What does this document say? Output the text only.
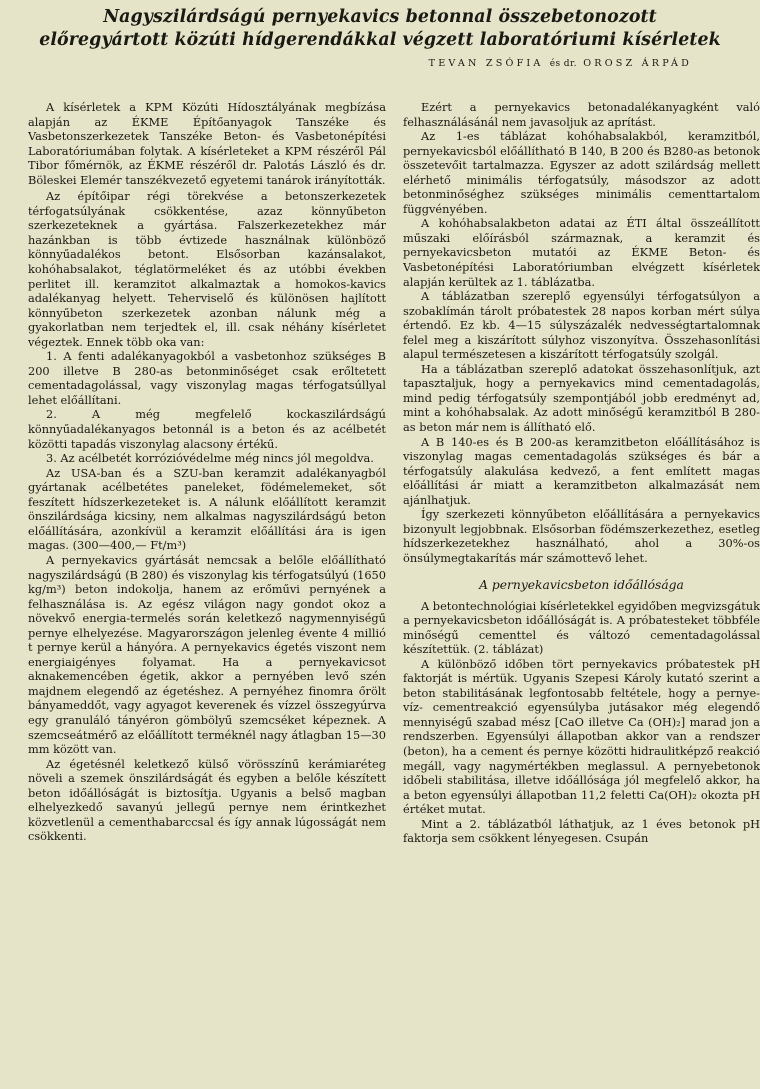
Nagyszilárdságú pernyekavics betonnal összebetonozott

előregyártott közúti hídgerendákkal végzett laboratóriumi kísérletek

TEVAN ZSÓFIA és dr. OROSZ ÁRPÁD

A kísérletek a KPM Közúti Hídosztályának megbízása alapján az ÉKME Építőanyagok Tanszéke és Vasbetonszerkezetek Tanszéke Beton- és Vasbetonépítési Laboratóriumában folytak. A kísérleteket a KPM részéről Pál Tibor főmérnök, az ÉKME részéről dr. Palotás László és dr. Böleskei Elemér tanszékvezető egyetemi tanárok irányították.

Az építőipar régi törekvése a betonszerkezetek térfogatsúlyának csökkentése, azaz könnyűbeton szerkezeteknek a gyártása. Falszerkezetekhez már hazánkban is több évtizede használnak különböző könnyűadalékos betont. Elsősorban kazánsalakot, kohóhabsalakot, téglatörmeléket és az utóbbi években perlitet ill. keramzitot alkalmaztak a homokos-kavics adalékanyag helyett. Teherviselő és különösen hajlított könnyűbeton szerkezetek azonban nálunk még a gyakorlatban nem terjedtek el, ill. csak néhány kísérletet végeztek. Ennek több oka van:

1. A fenti adalékanyagokból a vasbetonhoz szükséges B 200 illetve B 280-as betonminőséget csak erőltetett cementadagolással, vagy viszonylag magas térfogatsúllyal lehet előállítani.

2. A még megfelelő kockaszilárdságú könnyűadalékanyagos betonnál is a beton és az acélbetét közötti tapadás viszonylag alacsony értékű.

3. Az acélbetét korrózióvédelme még nincs jól megoldva.

Az USA-ban és a SZU-ban keramzit adalékanyagból gyártanak acélbetétes paneleket, födémelemeket, sőt feszített hídszerkezeteket is. A nálunk előállított keramzit önszilárdsága kicsiny, nem alkalmas nagyszilárdságú beton előállítására, azonkívül a keramzit előállítási ára is igen magas. (300—400,— Ft/m³)

A pernyekavics gyártását nemcsak a belőle előállítható nagyszilárdságú (B 280) és viszonylag kis térfogatsúlyú (1650 kg/m³) beton indokolja, hanem az erőművi pernyének a felhasználása is. Az egész világon nagy gondot okoz a növekvő energia-termelés során keletkező nagymennyiségű pernye elhelyezése. Magyarországon jelenleg évente 4 millió t pernye kerül a hányóra. A pernyekavics égetés viszont nem energiaigényes folyamat. Ha a pernyekavicsot aknakemencében égetik, akkor a pernyében levő szén majdnem elegendő az égetéshez. A pernyéhez finomra őrölt bányameddőt, vagy agyagot keverenek és vízzel összegyúrva egy granuláló tányéron gömbölyű szemcséket képeznek. A szemcseátmérő az előállított terméknél nagy átlagban 15—30 mm között van.

Az égetésnél keletkező külső vörösszínű kerámiaréteg növeli a szemek önszilárdságát és egyben a belőle készített beton időállóságát is biztosítja. Ugyanis a belső magban elhelyezkedő savanyú jellegű pernye nem érintkezhet közvetlenül a cementhabarccsal és így annak lúgosságát nem csökkenti.

Ezért a pernyekavics betonadalékanyagként való felhasználásánál nem javasoljuk az aprítást.

Az 1-es táblázat kohóhabsalakból, keramzitból, pernyekavicsból előállítható B 140, B 200 és B280-as betonok összetevőit tartalmazza. Egyszer az adott szilárdság mellett elérhető minimális térfogatsúly, másodszor az adott betonminőséghez szükséges minimális cementtartalom függvényében.

A kohóhabsalakbeton adatai az ÉTI által összeállított műszaki előírásból származnak, a keramzit és pernyekavicsbeton mutatói az ÉKME Beton- és Vasbetonépítési Laboratóriumban elvégzett kísérletek alapján kerültek az 1. táblázatba.

A táblázatban szereplő egyensúlyi térfogatsúlyon a szobaklímán tárolt próbatestek 28 napos korban mért súlya értendő. Ez kb. 4—15 súlyszázalék nedvességtartalomnak felel meg a kiszárított súlyhoz viszonyítva. Összehasonlítási alapul természetesen a kiszárított térfogatsúly szolgál.

Ha a táblázatban szereplő adatokat összehasonlítjuk, azt tapasztaljuk, hogy a pernyekavics mind cementadagolás, mind pedig térfogatsúly szempontjából jobb eredményt ad, mint a kohóhabsalak. Az adott minőségű keramzitból B 280-as beton már nem is állítható elő.

A B 140-es és B 200-as keramzitbeton előállításához is viszonylag magas cementadagolás szükséges és bár a térfogatsúly alakulása kedvező, a fent említett magas előállítási ár miatt a keramzitbeton alkalmazását nem ajánlhatjuk.

Így szerkezeti könnyűbeton előállítására a pernyekavics bizonyult legjobbnak. Elsősorban födémszerkezethez, esetleg hídszerkezetekhez használható, ahol a 30%-os önsúlymegtakarítás már számottevő lehet.

A pernyekavicsbeton időállósága

A betontechnológiai kísérletekkel egyidőben megvizsgátuk a pernyekavicsbeton időállóságát is. A próbatesteket többféle minőségű cementtel és változó cementadagolással készítettük. (2. táblázat)

A különböző időben tört pernyekavics próbatestek pH faktorját is mértük. Ugyanis Szepesi Károly kutató szerint a beton stabilitásának legfontosabb feltétele, hogy a pernye-víz- cementreakció egyensúlyba jutásakor még elegendő mennyiségű szabad mész [CaO illetve Ca (OH)₂] marad jon a rendszerben. Egyensúlyi állapotban akkor van a rendszer (beton), ha a cement és pernye közötti hidraulitképző reakció megáll, vagy nagymértékben meglassul. A pernyebetonok időbeli stabilitása, illetve időállósága jól megfelelő akkor, ha a beton egyensúlyi állapotban 11,2 feletti Ca(OH)₂ okozta pH értéket mutat.

Mint a 2. táblázatból láthatjuk, az 1 éves betonok pH faktorja sem csökkent lényegesen. Csupán
